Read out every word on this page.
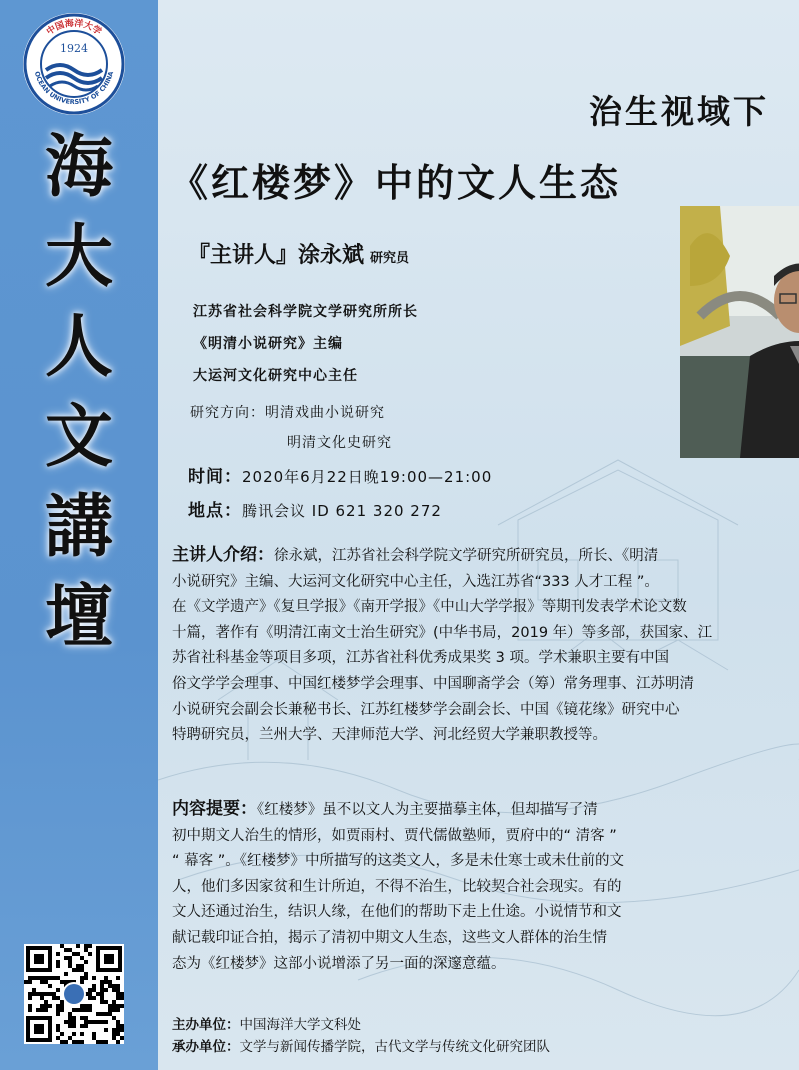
中国海洋大学
OCEAN UNIVERSITY OF CHINA
1924
海
大
人
文
講
壇
治生视域下
《红楼梦》中的文人生态
『主讲人』涂永斌 研究员
江苏省社会科学院文学研究所所长
《明清小说研究》主编
大运河文化研究中心主任
研究方向：明清戏曲小说研究
明清文化史研究
时间：2020年6月22日晚19:00—21:00
地点：腾讯会议 ID 621 320 272
主讲人介绍：徐永斌，江苏省社会科学院文学研究所研究员，所长、《明清
小说研究》主编、大运河文化研究中心主任，入选江苏省“333 人才工程 ”。
在《文学遗产》《复旦学报》《南开学报》《中山大学学报》等期刊发表学术论文数
十篇，著作有《明清江南文士治生研究》(中华书局，2019 年）等多部，获国家、江
苏省社科基金等项目多项，江苏省社科优秀成果奖 3 项。学术兼职主要有中国
俗文学学会理事、中国红楼梦学会理事、中国聊斋学会（筹）常务理事、江苏明清
小说研究会副会长兼秘书长、江苏红楼梦学会副会长、中国《镜花缘》研究中心
特聘研究员，兰州大学、天津师范大学、河北经贸大学兼职教授等。
内容提要：《红楼梦》虽不以文人为主要描摹主体，但却描写了清
初中期文人治生的情形，如贾雨村、贾代儒做塾师，贾府中的“ 清客 ”
“ 幕客 ”。《红楼梦》中所描写的这类文人，多是未仕寒士或未仕前的文
人，他们多因家贫和生计所迫，不得不治生，比较契合社会现实。有的
文人还通过治生，结识人缘，在他们的帮助下走上仕途。小说情节和文
献记载印证合拍，揭示了清初中期文人生态，这些文人群体的治生情
态为《红楼梦》这部小说增添了另一面的深邃意蕴。
主办单位：中国海洋大学文科处
承办单位：文学与新闻传播学院，古代文学与传统文化研究团队
